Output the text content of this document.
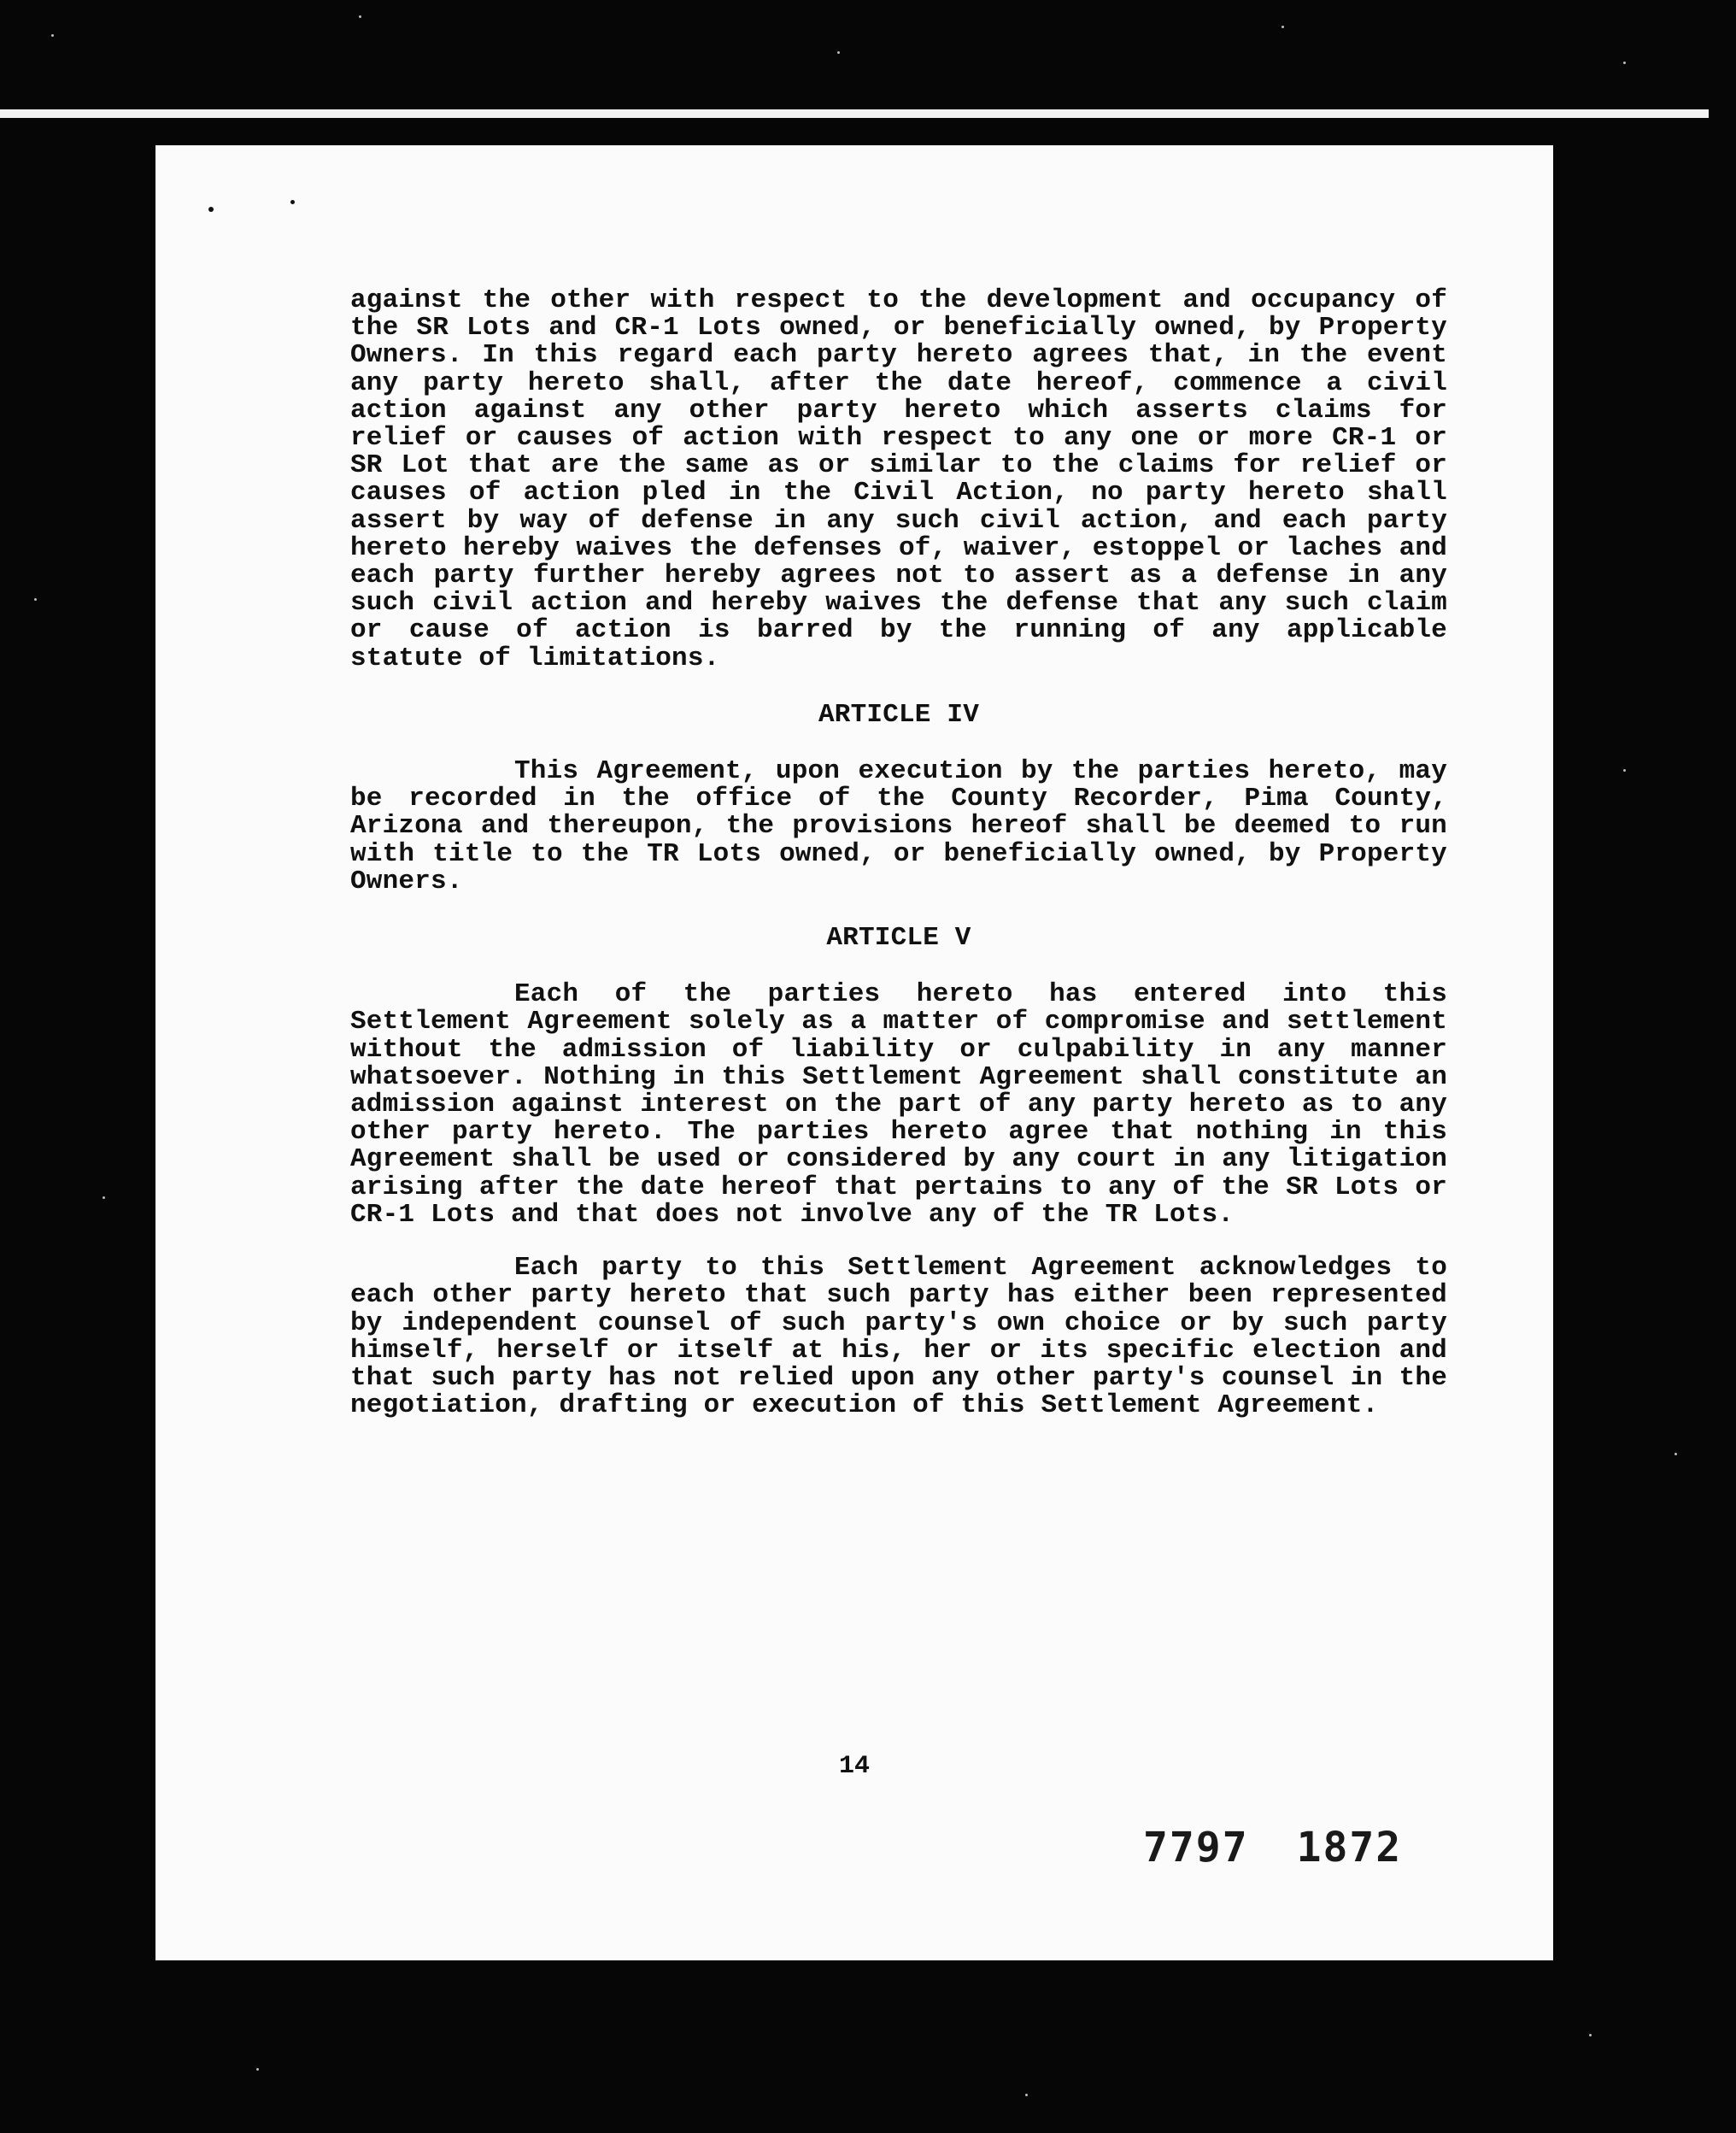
against the other with respect to the development and occupancy of the SR Lots and CR-1 Lots owned, or beneficially owned, by Property Owners. In this regard each party hereto agrees that, in the event any party hereto shall, after the date hereof, commence a civil action against any other party hereto which asserts claims for relief or causes of action with respect to any one or more CR-1 or SR Lot that are the same as or similar to the claims for relief or causes of action pled in the Civil Action, no party hereto shall assert by way of defense in any such civil action, and each party hereto hereby waives the defenses of, waiver, estoppel or laches and each party further hereby agrees not to assert as a defense in any such civil action and hereby waives the defense that any such claim or cause of action is barred by the running of any applicable statute of limitations.

ARTICLE IV

This Agreement, upon execution by the parties hereto, may be recorded in the office of the County Recorder, Pima County, Arizona and thereupon, the provisions hereof shall be deemed to run with title to the TR Lots owned, or beneficially owned, by Property Owners.

ARTICLE V

Each of the parties hereto has entered into this Settlement Agreement solely as a matter of compromise and settlement without the admission of liability or culpability in any manner whatsoever. Nothing in this Settlement Agreement shall constitute an admission against interest on the part of any party hereto as to any other party hereto. The parties hereto agree that nothing in this Agreement shall be used or considered by any court in any litigation arising after the date hereof that pertains to any of the SR Lots or CR-1 Lots and that does not involve any of the TR Lots.

Each party to this Settlement Agreement acknowledges to each other party hereto that such party has either been represented by independent counsel of such party's own choice or by such party himself, herself or itself at his, her or its specific election and that such party has not relied upon any other party's counsel in the negotiation, drafting or execution of this Settlement Agreement.

14
7797 1872
